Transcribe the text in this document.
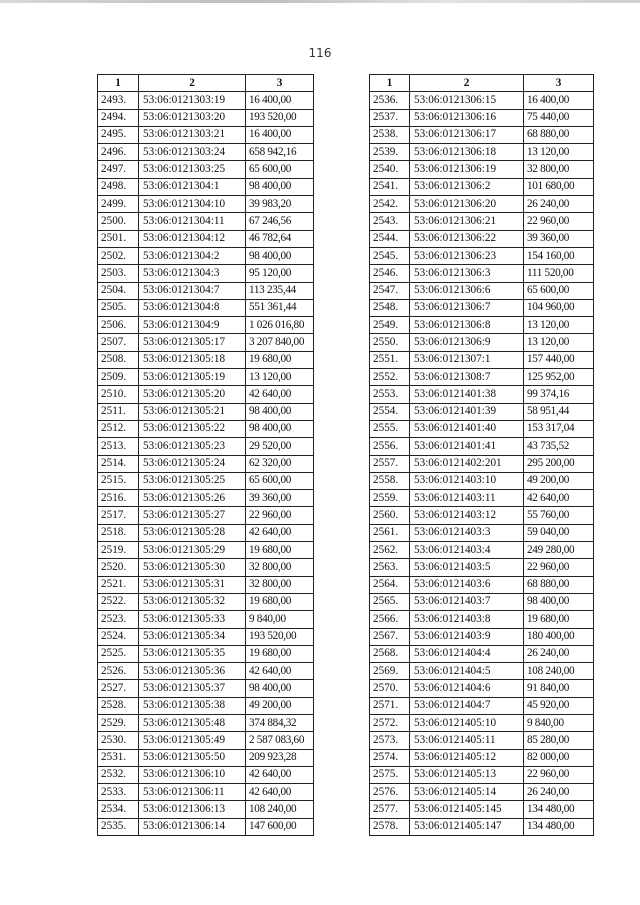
116
1	2	3
2493.	53:06:0121303:19	16 400,00
2494.	53:06:0121303:20	193 520,00
2495.	53:06:0121303:21	16 400,00
2496.	53:06:0121303:24	658 942,16
2497.	53:06:0121303:25	65 600,00
2498.	53:06:0121304:1	98 400,00
2499.	53:06:0121304:10	39 983,20
2500.	53:06:0121304:11	67 246,56
2501.	53:06:0121304:12	46 782,64
2502.	53:06:0121304:2	98 400,00
2503.	53:06:0121304:3	95 120,00
2504.	53:06:0121304:7	113 235,44
2505.	53:06:0121304:8	551 361,44
2506.	53:06:0121304:9	1 026 016,80
2507.	53:06:0121305:17	3 207 840,00
2508.	53:06:0121305:18	19 680,00
2509.	53:06:0121305:19	13 120,00
2510.	53:06:0121305:20	42 640,00
2511.	53:06:0121305:21	98 400,00
2512.	53:06:0121305:22	98 400,00
2513.	53:06:0121305:23	29 520,00
2514.	53:06:0121305:24	62 320,00
2515.	53:06:0121305:25	65 600,00
2516.	53:06:0121305:26	39 360,00
2517.	53:06:0121305:27	22 960,00
2518.	53:06:0121305:28	42 640,00
2519.	53:06:0121305:29	19 680,00
2520.	53:06:0121305:30	32 800,00
2521.	53:06:0121305:31	32 800,00
2522.	53:06:0121305:32	19 680,00
2523.	53:06:0121305:33	9 840,00
2524.	53:06:0121305:34	193 520,00
2525.	53:06:0121305:35	19 680,00
2526.	53:06:0121305:36	42 640,00
2527.	53:06:0121305:37	98 400,00
2528.	53:06:0121305:38	49 200,00
2529.	53:06:0121305:48	374 884,32
2530.	53:06:0121305:49	2 587 083,60
2531.	53:06:0121305:50	209 923,28
2532.	53:06:0121306:10	42 640,00
2533.	53:06:0121306:11	42 640,00
2534.	53:06:0121306:13	108 240,00
2535.	53:06:0121306:14	147 600,00
1	2	3
2536.	53:06:0121306:15	16 400,00
2537.	53:06:0121306:16	75 440,00
2538.	53:06:0121306:17	68 880,00
2539.	53:06:0121306:18	13 120,00
2540.	53:06:0121306:19	32 800,00
2541.	53:06:0121306:2	101 680,00
2542.	53:06:0121306:20	26 240,00
2543.	53:06:0121306:21	22 960,00
2544.	53:06:0121306:22	39 360,00
2545.	53:06:0121306:23	154 160,00
2546.	53:06:0121306:3	111 520,00
2547.	53:06:0121306:6	65 600,00
2548.	53:06:0121306:7	104 960,00
2549.	53:06:0121306:8	13 120,00
2550.	53:06:0121306:9	13 120,00
2551.	53:06:0121307:1	157 440,00
2552.	53:06:0121308:7	125 952,00
2553.	53:06:0121401:38	99 374,16
2554.	53:06:0121401:39	58 951,44
2555.	53:06:0121401:40	153 317,04
2556.	53:06:0121401:41	43 735,52
2557.	53:06:0121402:201	295 200,00
2558.	53:06:0121403:10	49 200,00
2559.	53:06:0121403:11	42 640,00
2560.	53:06:0121403:12	55 760,00
2561.	53:06:0121403:3	59 040,00
2562.	53:06:0121403:4	249 280,00
2563.	53:06:0121403:5	22 960,00
2564.	53:06:0121403:6	68 880,00
2565.	53:06:0121403:7	98 400,00
2566.	53:06:0121403:8	19 680,00
2567.	53:06:0121403:9	180 400,00
2568.	53:06:0121404:4	26 240,00
2569.	53:06:0121404:5	108 240,00
2570.	53:06:0121404:6	91 840,00
2571.	53:06:0121404:7	45 920,00
2572.	53:06:0121405:10	9 840,00
2573.	53:06:0121405:11	85 280,00
2574.	53:06:0121405:12	82 000,00
2575.	53:06:0121405:13	22 960,00
2576.	53:06:0121405:14	26 240,00
2577.	53:06:0121405:145	134 480,00
2578.	53:06:0121405:147	134 480,00
